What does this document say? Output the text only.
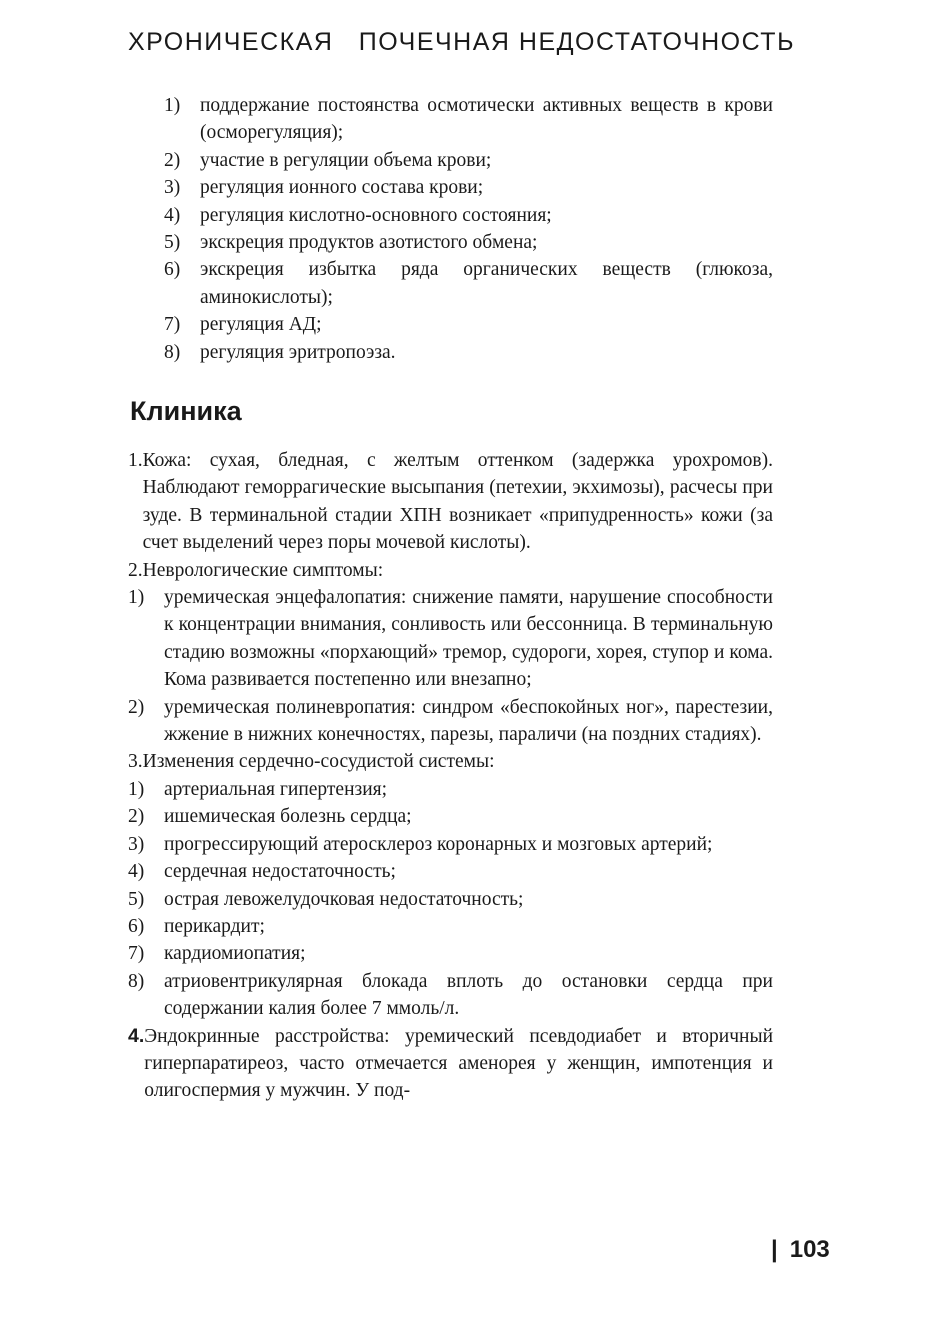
ХРОНИЧЕСКАЯ   ПОЧЕЧНАЯ НЕДОСТАТОЧНОСТЬ
1)	поддержание постоянства осмотически активных веществ в крови (осморегуляция);
2)	участие в регуляции объема крови;
3)	регуляция ионного состава крови;
4)	регуляция кислотно-основного состояния;
5)	экскреция продуктов азотистого обмена;
6)	экскреция избытка ряда органических веществ (глюкоза, аминокислоты);
7)	регуляция АД;
8)	регуляция эритропоэза.
Клиника
1. Кожа: сухая, бледная, с желтым оттенком (задержка урохромов). Наблюдают геморрагические высыпания (петехии, экхимозы), расчесы при зуде. В терминальной стадии ХПН возникает «припудренность» кожи (за счет выделений через поры мочевой кислоты).
2. Неврологические симптомы:
1)	уремическая энцефалопатия: снижение памяти, нарушение способности к концентрации внимания, сонливость или бессонница. В терминальную стадию возможны «порхающий» тремор, судороги, хорея, ступор и кома. Кома развивается постепенно или внезапно;
2)	уремическая полиневропатия: синдром «беспокойных ног», парестезии, жжение в нижних конечностях, парезы, параличи (на поздних стадиях).
3. Изменения сердечно-сосудистой системы:
1)	артериальная гипертензия;
2)	ишемическая болезнь сердца;
3)	прогрессирующий атеросклероз коронарных и мозговых артерий;
4)	сердечная недостаточность;
5)	острая левожелудочковая недостаточность;
6)	перикардит;
7)	кардиомиопатия;
8)	атриовентрикулярная блокада вплоть до остановки сердца при содержании калия более 7 ммоль/л.
4. Эндокринные расстройства: уремический псевдодиабет и вторичный гиперпаратиреоз, часто отмечается аменорея у женщин, импотенция и олигоспермия у мужчин. У под-
| 103
